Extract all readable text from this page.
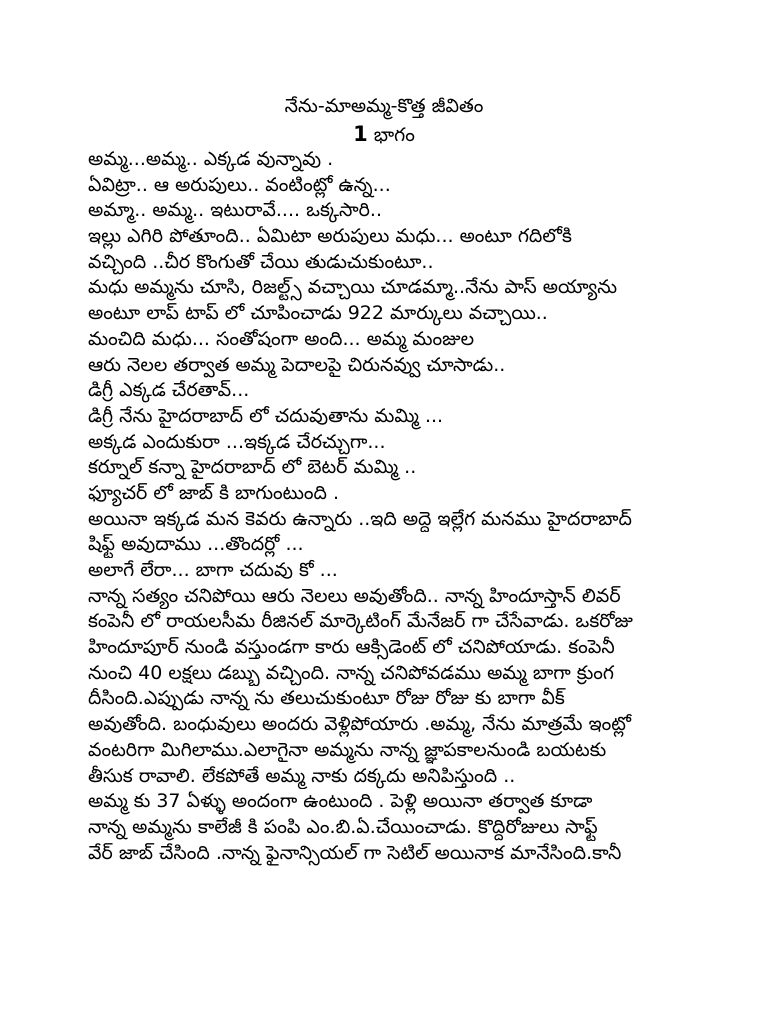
నేను-మాఅమ్మ-కొత్త జీవితం
1 భాగం
అమ్మ...అమ్మ.. ఎక్కడ వున్నావు .
ఏవిట్రా.. ఆ అరుపులు.. వంటింట్లో ఉన్న...
అమ్మా.. అమ్మ.. ఇటురావే.... ఒక్కసారి..
ఇల్లు ఎగిరి పోతూంది.. ఏమిటా అరుపులు మధు... అంటూ గదిలోకి
వచ్చింది ..చీర కొంగుతో చేయి తుడుచుకుంటూ..
మధు అమ్మను చూసి, రిజల్ట్స్ వచ్చాయి చూడమ్మా..నేను పాస్ అయ్యాను
అంటూ లాప్ టాప్ లో చూపించాడు 922 మార్కులు వచ్చాయి..
మంచిది మధు... సంతోషంగా అంది... అమ్మ మంజుల
ఆరు నెలల తర్వాత అమ్మ పెదాలపై చిరునవ్వు చూసాడు..
డిగ్రీ ఎక్కడ చేరతావ్...
డిగ్రీ నేను హైదరాబాద్ లో చదువుతాను మమ్మి ...
అక్కడ ఎందుకురా ...ఇక్కడ చేరచ్చుగా...
కర్నూల్ కన్నా హైదరాబాద్ లో బెటర్ మమ్మి ..
ఫ్యూచర్ లో జాబ్ కి బాగుంటుంది .
అయినా ఇక్కడ మన కెవరు ఉన్నారు ..ఇది అద్దె ఇల్లేగ మనము హైదరాబాద్
షిఫ్ట్ అవుదాము ...తొందర్లో ...
అలాగే లేరా... బాగా చదువు కో ...
నాన్న సత్యం చనిపోయి ఆరు నెలలు అవుతోంది.. నాన్న హిందూస్తాన్ లివర్
కంపెనీ లో రాయలసీమ రీజినల్ మార్కెటింగ్ మేనేజర్ గా చేసేవాడు. ఒకరోజు
హిందూపూర్ నుండి వస్తుండగా కారు ఆక్సిడెంట్ లో చనిపోయాడు. కంపెనీ
నుంచి 40 లక్షలు డబ్బు వచ్చింది. నాన్న చనిపోవడము అమ్మ బాగా క్రుంగ
దీసింది.ఎప్పుడు నాన్న ను తలుచుకుంటూ రోజు రోజు కు బాగా వీక్
అవుతోంది. బంధువులు అందరు వెళ్లిపోయారు .అమ్మ, నేను మాత్రమే ఇంట్లో
వంటరిగా మిగిలాము.ఎలాగైనా అమ్మను నాన్న జ్ఞాపకాలనుండి బయటకు
తీసుక రావాలి. లేకపోతే అమ్మ నాకు దక్కదు అనిపిస్తుంది ..
అమ్మ కు 37 ఏళ్ళు అందంగా ఉంటుంది . పెళ్లి అయినా తర్వాత కూడా
నాన్న అమ్మను కాలేజీ కి పంపి ఎం.బి.ఏ.చేయించాడు. కొద్దిరోజులు సాఫ్ట్
వేర్ జాబ్ చేసింది .నాన్న ఫైనాన్సియల్ గా సెటిల్ అయినాక మానేసింది.కానీ
